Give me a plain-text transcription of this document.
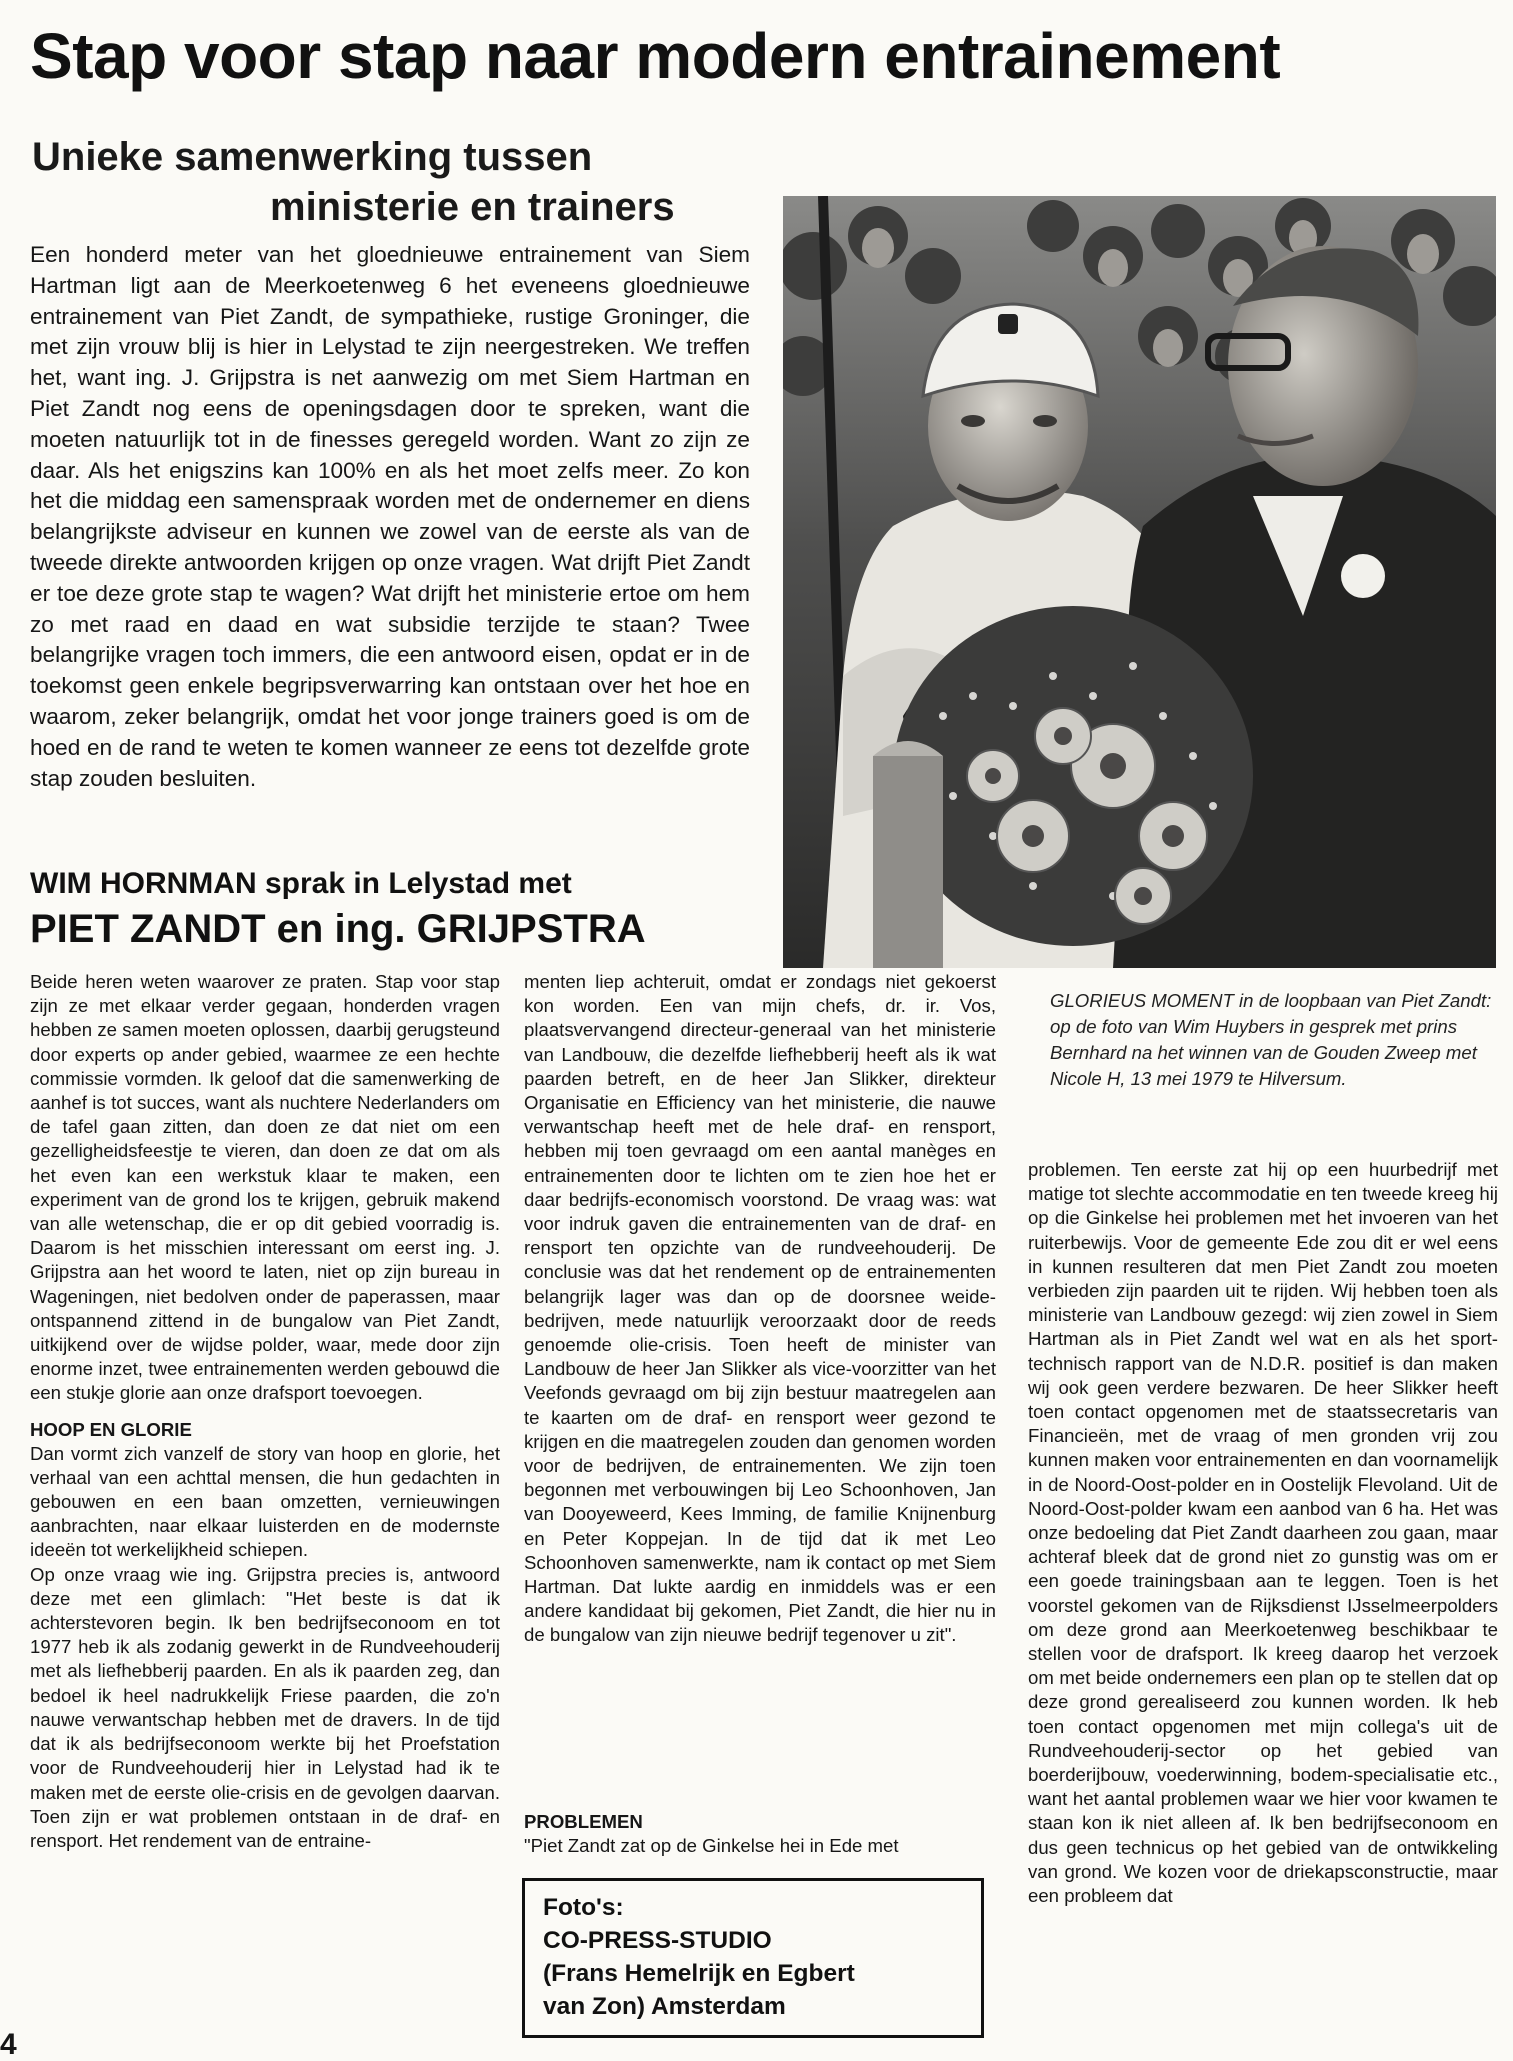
Stap voor stap naar modern entrainement
Unieke samenwerking tussen
ministerie en trainers

Een honderd meter van het gloednieuwe entrainement van Siem Hartman ligt aan de Meerkoetenweg 6 het eveneens gloednieuwe entrainement van Piet Zandt, de sympathieke, rustige Groninger, die met zijn vrouw blij is hier in Lelystad te zijn neergestreken. We treffen het, want ing. J. Grijpstra is net aanwezig om met Siem Hartman en Piet Zandt nog eens de openingsdagen door te spreken, want die moeten natuurlijk tot in de finesses geregeld worden. Want zo zijn ze daar. Als het enigszins kan 100% en als het moet zelfs meer. Zo kon het die middag een samenspraak worden met de ondernemer en diens belangrijkste adviseur en kunnen we zowel van de eerste als van de tweede direkte antwoorden krijgen op onze vragen. Wat drijft Piet Zandt er toe deze grote stap te wagen? Wat drijft het ministerie ertoe om hem zo met raad en daad en wat subsidie terzijde te staan? Twee belangrijke vragen toch immers, die een antwoord eisen, opdat er in de toekomst geen enkele begripsverwarring kan ontstaan over het hoe en waarom, zeker belangrijk, omdat het voor jonge trainers goed is om de hoed en de rand te weten te komen wanneer ze eens tot dezelfde grote stap zouden besluiten.

WIM HORNMAN sprak in Lelystad met
PIET ZANDT en ing. GRIJPSTRA

GLORIEUS MOMENT in de loopbaan van Piet Zandt: op de foto van Wim Huybers in gesprek met prins Bernhard na het winnen van de Gouden Zweep met Nicole H, 13 mei 1979 te Hilversum.

Beide heren weten waarover ze praten. Stap voor stap zijn ze met elkaar verder gegaan, honderden vragen hebben ze samen moeten oplossen, daarbij gerugsteund door experts op ander gebied, waarmee ze een hechte commissie vormden. Ik geloof dat die samenwerking de aanhef is tot succes, want als nuchtere Nederlanders om de tafel gaan zitten, dan doen ze dat niet om een gezelligheidsfeestje te vieren, dan doen ze dat om als het even kan een werkstuk klaar te maken, een experiment van de grond los te krijgen, gebruik makend van alle wetenschap, die er op dit gebied voorradig is. Daarom is het misschien interessant om eerst ing. J. Grijpstra aan het woord te laten, niet op zijn bureau in Wageningen, niet bedolven onder de paperassen, maar ontspannend zittend in de bungalow van Piet Zandt, uitkijkend over de wijdse polder, waar, mede door zijn enorme inzet, twee entrainementen werden gebouwd die een stukje glorie aan onze drafsport toevoegen.

HOOP EN GLORIE

Dan vormt zich vanzelf de story van hoop en glorie, het verhaal van een achttal mensen, die hun gedachten in gebouwen en een baan omzetten, vernieuwingen aanbrachten, naar elkaar luisterden en de modernste ideeën tot werkelijkheid schiepen.

Op onze vraag wie ing. Grijpstra precies is, antwoord deze met een glimlach: "Het beste is dat ik achterstevoren begin. Ik ben bedrijfseconoom en tot 1977 heb ik als zodanig gewerkt in de Rundveehouderij met als liefhebberij paarden. En als ik paarden zeg, dan bedoel ik heel nadrukkelijk Friese paarden, die zo'n nauwe verwantschap hebben met de dravers. In de tijd dat ik als bedrijfseconoom werkte bij het Proefstation voor de Rundveehouderij hier in Lelystad had ik te maken met de eerste olie-crisis en de gevolgen daarvan. Toen zijn er wat problemen ontstaan in de draf- en rensport. Het rendement van de entraine-

menten liep achteruit, omdat er zondags niet gekoerst kon worden. Een van mijn chefs, dr. ir. Vos, plaatsvervangend directeur-generaal van het ministerie van Landbouw, die dezelfde liefhebberij heeft als ik wat paarden betreft, en de heer Jan Slikker, direkteur Organisatie en Efficiency van het ministerie, die nauwe verwantschap heeft met de hele draf- en rensport, hebben mij toen gevraagd om een aantal manèges en entrainementen door te lichten om te zien hoe het er daar bedrijfs-economisch voorstond. De vraag was: wat voor indruk gaven die entrainementen van de draf- en rensport ten opzichte van de rundveehouderij. De conclusie was dat het rendement op de entrainementen belangrijk lager was dan op de doorsnee weide-bedrijven, mede natuurlijk veroorzaakt door de reeds genoemde olie-crisis. Toen heeft de minister van Landbouw de heer Jan Slikker als vice-voorzitter van het Veefonds gevraagd om bij zijn bestuur maatregelen aan te kaarten om de draf- en rensport weer gezond te krijgen en die maatregelen zouden dan genomen worden voor de bedrijven, de entrainementen. We zijn toen begonnen met verbouwingen bij Leo Schoonhoven, Jan van Dooyeweerd, Kees Imming, de familie Knijnenburg en Peter Koppejan. In de tijd dat ik met Leo Schoonhoven samenwerkte, nam ik contact op met Siem Hartman. Dat lukte aardig en inmiddels was er een andere kandidaat bij gekomen, Piet Zandt, die hier nu in de bungalow van zijn nieuwe bedrijf tegenover u zit".

PROBLEMEN

"Piet Zandt zat op de Ginkelse hei in Ede met

problemen. Ten eerste zat hij op een huurbedrijf met matige tot slechte accommodatie en ten tweede kreeg hij op die Ginkelse hei problemen met het invoeren van het ruiterbewijs. Voor de gemeente Ede zou dit er wel eens in kunnen resulteren dat men Piet Zandt zou moeten verbieden zijn paarden uit te rijden. Wij hebben toen als ministerie van Landbouw gezegd: wij zien zowel in Siem Hartman als in Piet Zandt wel wat en als het sport-technisch rapport van de N.D.R. positief is dan maken wij ook geen verdere bezwaren. De heer Slikker heeft toen contact opgenomen met de staatssecretaris van Financieën, met de vraag of men gronden vrij zou kunnen maken voor entrainementen en dan voornamelijk in de Noord-Oost-polder en in Oostelijk Flevoland. Uit de Noord-Oost-polder kwam een aanbod van 6 ha. Het was onze bedoeling dat Piet Zandt daarheen zou gaan, maar achteraf bleek dat de grond niet zo gunstig was om er een goede trainingsbaan aan te leggen. Toen is het voorstel gekomen van de Rijksdienst IJsselmeerpolders om deze grond aan Meerkoetenweg beschikbaar te stellen voor de drafsport. Ik kreeg daarop het verzoek om met beide ondernemers een plan op te stellen dat op deze grond gerealiseerd zou kunnen worden. Ik heb toen contact opgenomen met mijn collega's uit de Rundveehouderij-sector op het gebied van boerderijbouw, voederwinning, bodem-specialisatie etc., want het aantal problemen waar we hier voor kwamen te staan kon ik niet alleen af. Ik ben bedrijfseconoom en dus geen technicus op het gebied van de ontwikkeling van grond. We kozen voor de driekapsconstructie, maar een probleem dat

Foto's:
CO-PRESS-STUDIO
(Frans Hemelrijk en Egbert
van Zon) Amsterdam
4
